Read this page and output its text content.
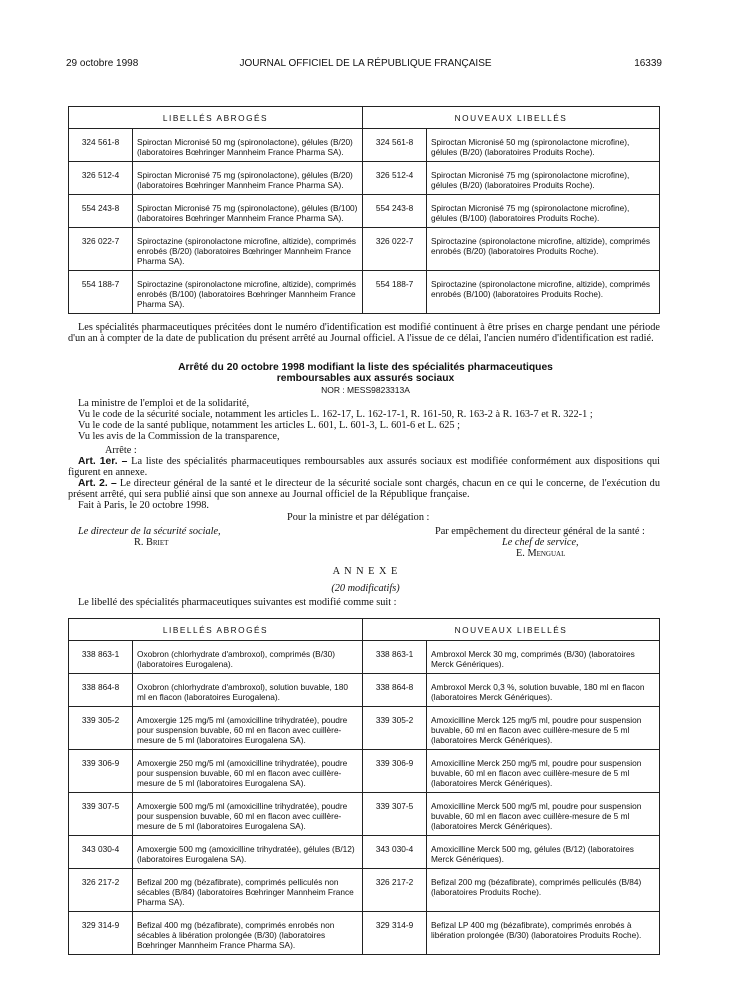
29 octobre 1998	JOURNAL OFFICIEL DE LA RÉPUBLIQUE FRANÇAISE	16339
LIBELLÉS ABROGÉS		NOUVEAUX LIBELLÉS	
324 561-8	Spiroctan Micronisé 50 mg (spironolactone), gélules (B/20) (laboratoires Bœhringer Mannheim France Pharma SA).	324 561-8	Spiroctan Micronisé 50 mg (spironolactone microfine), gélules (B/20) (laboratoires Produits Roche).
326 512-4	Spiroctan Micronisé 75 mg (spironolactone), gélules (B/20) (laboratoires Bœhringer Mannheim France Pharma SA).	326 512-4	Spiroctan Micronisé 75 mg (spironolactone microfine), gélules (B/20) (laboratoires Produits Roche).
554 243-8	Spiroctan Micronisé 75 mg (spironolactone), gélules (B/100) (laboratoires Bœhringer Mannheim France Pharma SA).	554 243-8	Spiroctan Micronisé 75 mg (spironolactone microfine), gélules (B/100) (laboratoires Produits Roche).
326 022-7	Spiroctazine (spironolactone microfine, altizide), comprimés enrobés (B/20) (laboratoires Bœhringer Mannheim France Pharma SA).	326 022-7	Spiroctazine (spironolactone microfine, altizide), comprimés enrobés (B/20) (laboratoires Produits Roche).
554 188-7	Spiroctazine (spironolactone microfine, altizide), comprimés enrobés (B/100) (laboratoires Bœhringer Mannheim France Pharma SA).	554 188-7	Spiroctazine (spironolactone microfine, altizide), comprimés enrobés (B/100) (laboratoires Produits Roche).
Les spécialités pharmaceutiques précitées dont le numéro d'identification est modifié continuent à être prises en charge pendant une période d'un an à compter de la date de publication du présent arrêté au Journal officiel. A l'issue de ce délai, l'ancien numéro d'identification est radié.
Arrêté du 20 octobre 1998 modifiant la liste des spécialités pharmaceutiques
remboursables aux assurés sociaux
NOR : MESS9823313A
La ministre de l'emploi et de la solidarité,
Vu le code de la sécurité sociale, notamment les articles L. 162-17, L. 162-17-1, R. 161-50, R. 163-2 à R. 163-7 et R. 322-1 ;
Vu le code de la santé publique, notamment les articles L. 601, L. 601-3, L. 601-6 et L. 625 ;
Vu les avis de la Commission de la transparence,
Arrête :
Art. 1er. – La liste des spécialités pharmaceutiques remboursables aux assurés sociaux est modifiée conformément aux dispositions qui figurent en annexe.
Art. 2. – Le directeur général de la santé et le directeur de la sécurité sociale sont chargés, chacun en ce qui le concerne, de l'exécution du présent arrêté, qui sera publié ainsi que son annexe au Journal officiel de la République française.
Fait à Paris, le 20 octobre 1998.
Pour la ministre et par délégation :
Le directeur de la sécurité sociale,
R. Briet
Par empêchement du directeur général de la santé :
Le chef de service,
E. Mengual
A N N E X E
(20 modificatifs)
Le libellé des spécialités pharmaceutiques suivantes est modifié comme suit :
LIBELLÉS ABROGÉS		NOUVEAUX LIBELLÉS	
338 863-1	Oxobron (chlorhydrate d'ambroxol), comprimés (B/30) (laboratoires Eurogalena).	338 863-1	Ambroxol Merck 30 mg, comprimés (B/30) (laboratoires Merck Génériques).
338 864-8	Oxobron (chlorhydrate d'ambroxol), solution buvable, 180 ml en flacon (laboratoires Eurogalena).	338 864-8	Ambroxol Merck 0,3 %, solution buvable, 180 ml en flacon (laboratoires Merck Génériques).
339 305-2	Amoxergie 125 mg/5 ml (amoxicilline trihydratée), poudre pour suspension buvable, 60 ml en flacon avec cuillère-mesure de 5 ml (laboratoires Eurogalena SA).	339 305-2	Amoxicilline Merck 125 mg/5 ml, poudre pour suspension buvable, 60 ml en flacon avec cuillère-mesure de 5 ml (laboratoires Merck Génériques).
339 306-9	Amoxergie 250 mg/5 ml (amoxicilline trihydratée), poudre pour suspension buvable, 60 ml en flacon avec cuillère-mesure de 5 ml (laboratoires Eurogalena SA).	339 306-9	Amoxicilline Merck 250 mg/5 ml, poudre pour suspension buvable, 60 ml en flacon avec cuillère-mesure de 5 ml (laboratoires Merck Génériques).
339 307-5	Amoxergie 500 mg/5 ml (amoxicilline trihydratée), poudre pour suspension buvable, 60 ml en flacon avec cuillère-mesure de 5 ml (laboratoires Eurogalena SA).	339 307-5	Amoxicilline Merck 500 mg/5 ml, poudre pour suspension buvable, 60 ml en flacon avec cuillère-mesure de 5 ml (laboratoires Merck Génériques).
343 030-4	Amoxergie 500 mg (amoxicilline trihydratée), gélules (B/12) (laboratoires Eurogalena SA).	343 030-4	Amoxicilline Merck 500 mg, gélules (B/12) (laboratoires Merck Génériques).
326 217-2	Befizal 200 mg (bézafibrate), comprimés pelliculés non sécables (B/84) (laboratoires Bœhringer Mannheim France Pharma SA).	326 217-2	Befizal 200 mg (bézafibrate), comprimés pelliculés (B/84) (laboratoires Produits Roche).
329 314-9	Befizal 400 mg (bézafibrate), comprimés enrobés non sécables à libération prolongée (B/30) (laboratoires Bœhringer Mannheim France Pharma SA).	329 314-9	Befizal LP 400 mg (bézafibrate), comprimés enrobés à libération prolongée (B/30) (laboratoires Produits Roche).
